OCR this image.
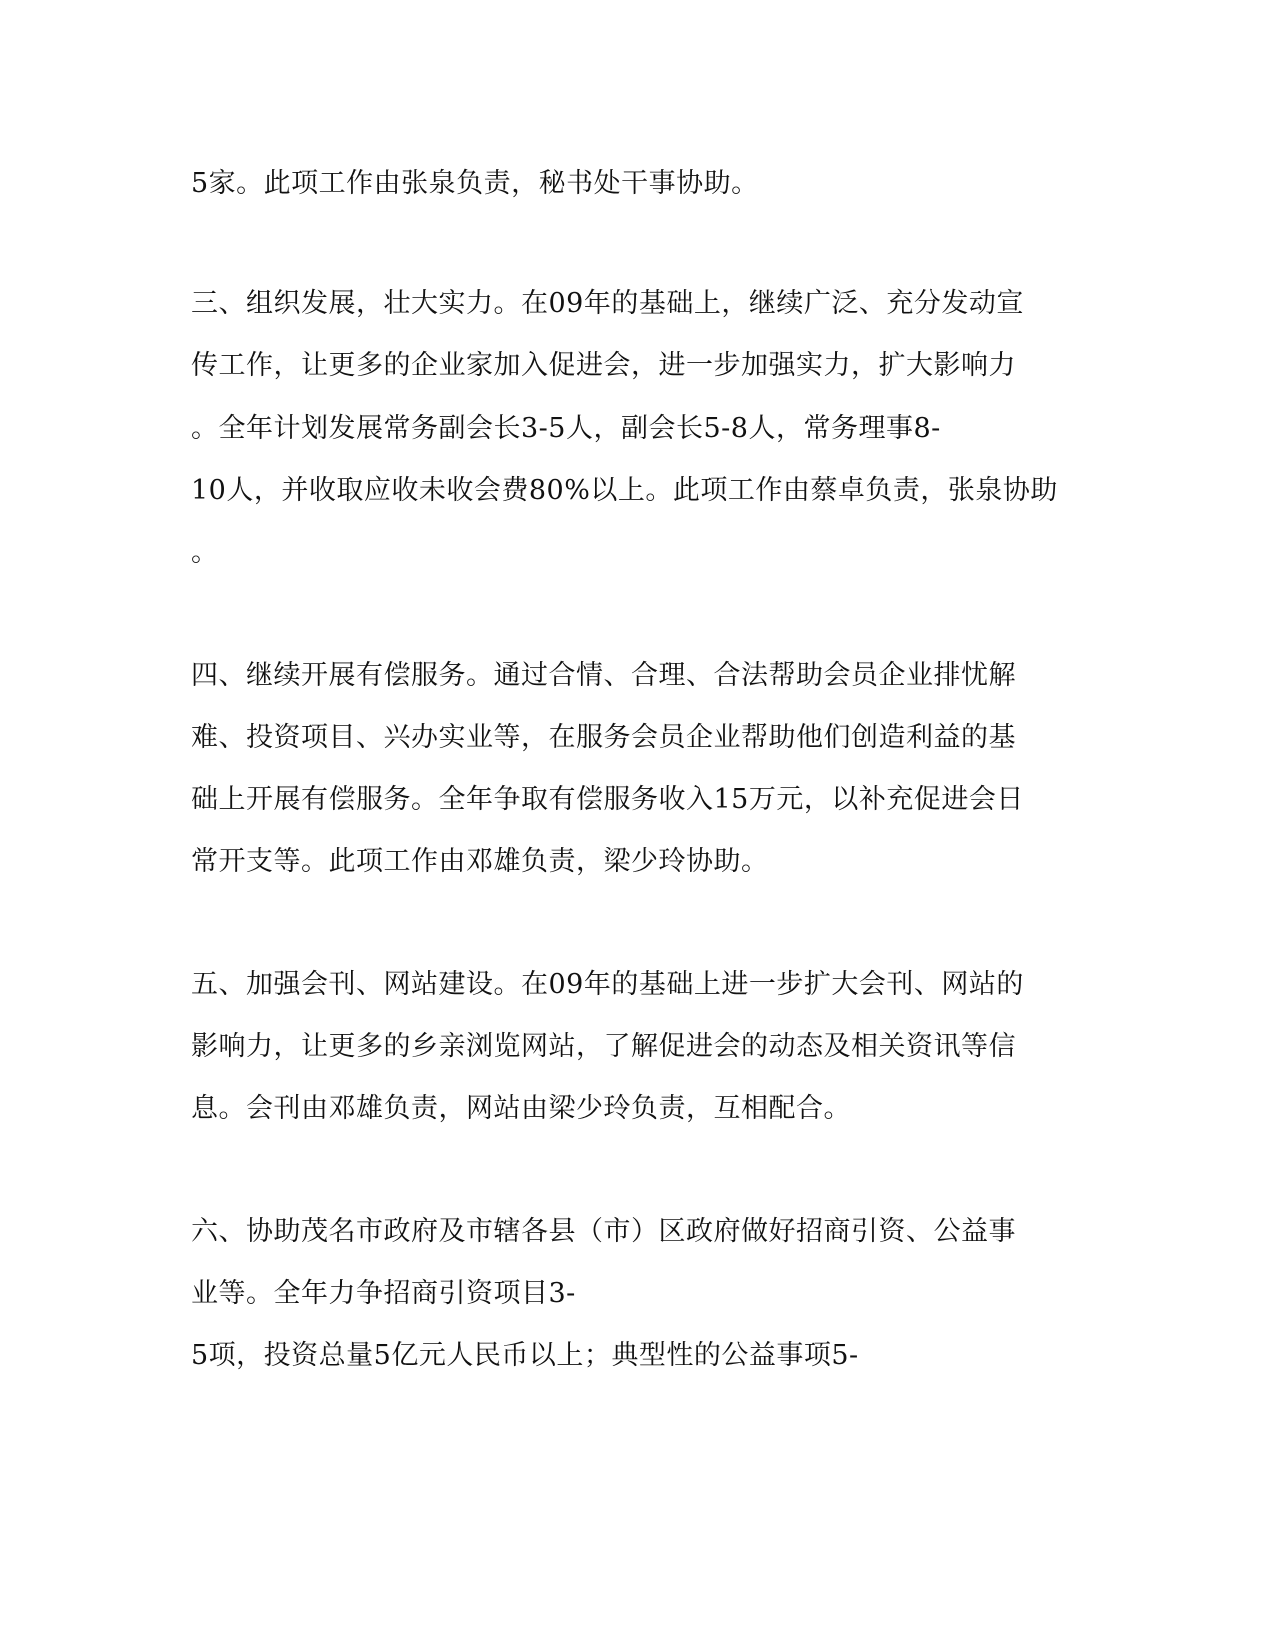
5家。此项工作由张泉负责，秘书处干事协助。
三、组织发展，壮大实力。在09年的基础上，继续广泛、充分发动宣
传工作，让更多的企业家加入促进会，进一步加强实力，扩大影响力
。全年计划发展常务副会长3-5人，副会长5-8人，常务理事8-
10人，并收取应收未收会费80%以上。此项工作由蔡卓负责，张泉协助
。
四、继续开展有偿服务。通过合情、合理、合法帮助会员企业排忧解
难、投资项目、兴办实业等，在服务会员企业帮助他们创造利益的基
础上开展有偿服务。全年争取有偿服务收入15万元，以补充促进会日
常开支等。此项工作由邓雄负责，梁少玲协助。
五、加强会刊、网站建设。在09年的基础上进一步扩大会刊、网站的
影响力，让更多的乡亲浏览网站，了解促进会的动态及相关资讯等信
息。会刊由邓雄负责，网站由梁少玲负责，互相配合。
六、协助茂名市政府及市辖各县（市）区政府做好招商引资、公益事
业等。全年力争招商引资项目3-
5项，投资总量5亿元人民币以上；典型性的公益事项5-
